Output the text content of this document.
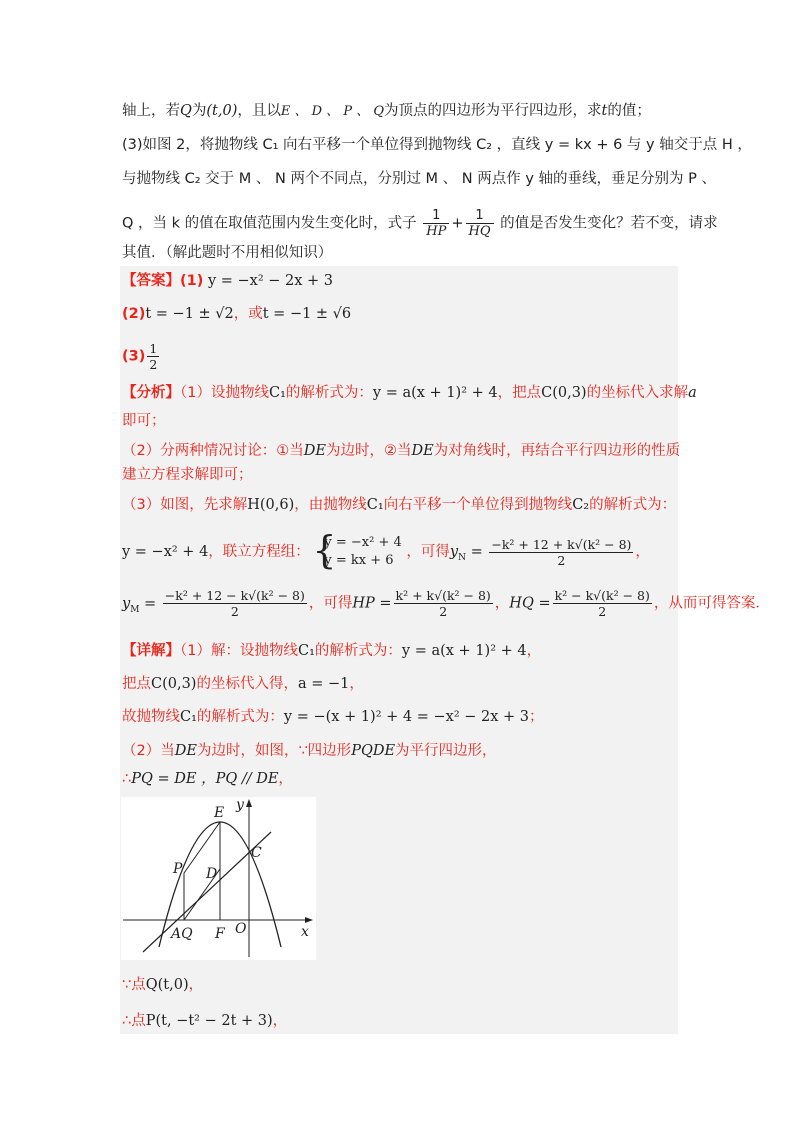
轴上，若Q为(t,0)，且以E 、 D 、 P 、 Q为顶点的四边形为平行四边形，求t的值；
(3)如图 2，将抛物线 C₁ 向右平移一个单位得到抛物线 C₂ ，直线 y = kx + 6 与 y 轴交于点 H ，
与抛物线 C₂ 交于 M 、 N 两个不同点，分别过 M 、 N 两点作 y 轴的垂线，垂足分别为 P 、
Q ，当 k 的值在取值范围内发生变化时，式子 $\frac{1}{HP} + \frac{1}{HQ}$ 的值是否发生变化？若不变，请求
其值．（解此题时不用相似知识）
【答案】(1) y = −x² − 2x + 3
(2)t = −1 ± √2，或t = −1 ± √6
$(3) \frac{1}{2}$
【分析】（1）设抛物线C₁的解析式为：y = a(x + 1)² + 4，把点C(0,3)的坐标代入求解a
即可；
（2）分两种情况讨论：①当DE为边时，②当DE为对角线时，再结合平行四边形的性质
建立方程求解即可；
（3）如图，先求解H(0,6)，由抛物线C₁向右平移一个单位得到抛物线C₂的解析式为：
y = −x² + 4，联立方程组：
{ y = −x² + 4
y = kx + 6
，可得$y_N = \frac{\text{−k² + 12 + k√(k² − 8)}}{2}$ ，
$y_M = \frac{\text{−k² + 12 − k√(k² − 8)}}{2}$ ，可得HP = $\frac{\text{k² + k√(k² − 8)}}{2}$ ，HQ = $\frac{\text{k² − k√(k² − 8)}}{2}$ ，从而可得答案．
【详解】（1）解：设抛物线C₁的解析式为：y = a(x + 1)² + 4，
把点C(0,3)的坐标代入得，a = −1，
故抛物线C₁的解析式为：y = −(x + 1)² + 4 = −x² − 2x + 3；
（2）当DE为边时，如图，∵四边形PQDE为平行四边形，
∴PQ = DE ，PQ // DE，
E y
C
P D
AQ F O	x
∵点Q(t,0)，
∴点P(t, −t² − 2t + 3)，
